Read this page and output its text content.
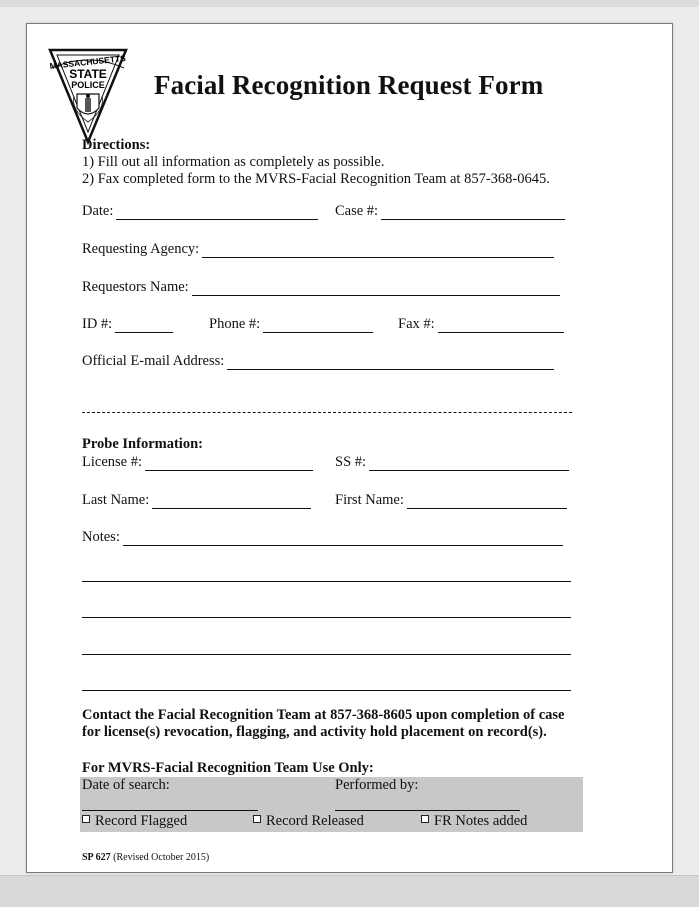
MASSACHUSETTS
STATE
POLICE Facial Recognition Request Form
Directions:
1) Fill out all information as completely as possible.
2) Fax completed form to the MVRS-Facial Recognition Team at 857-368-0645.
Date:	Case #:
Requesting Agency:
Requestors Name:
ID #:	Phone #:	Fax #:
Official E-mail Address:
Probe Information:
License #:	SS #:
Last Name:	First Name:
Notes:
Contact the Facial Recognition Team at 857-368-8605 upon completion of case
for license(s) revocation, flagging, and activity hold placement on record(s).
For MVRS-Facial Recognition Team Use Only:
Date of search:	Performed by:
Record Flagged	Record Released	FR Notes added
SP 627 (Revised October 2015)
